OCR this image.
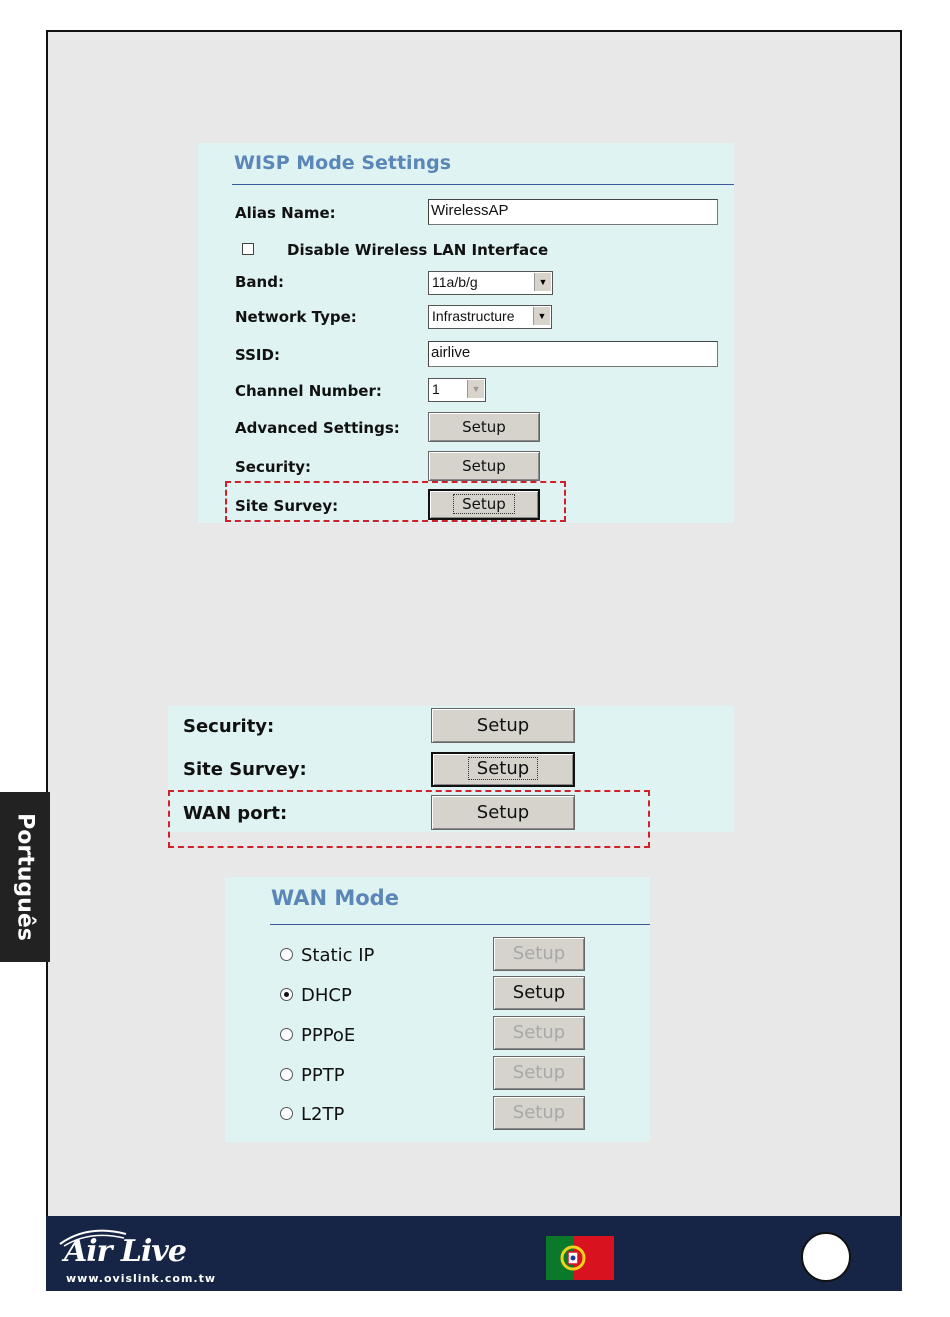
WISP Mode Settings
Alias Name:	WirelessAP
Disable Wireless LAN Interface
Band:	11a/b/g	▼
Network Type:	Infrastructure	▼
SSID:	airlive
Channel Number:	1	▼
Advanced Settings:	Setup
Security:	Setup
Site Survey:	Setup
Security:	Setup
Site Survey:	Setup
WAN port:	Setup
WAN Mode
Static IP	Setup
DHCP	Setup
PPPoE	Setup
PPTP	Setup
L2TP	Setup
Português
Air Live
www.ovislink.com.tw
